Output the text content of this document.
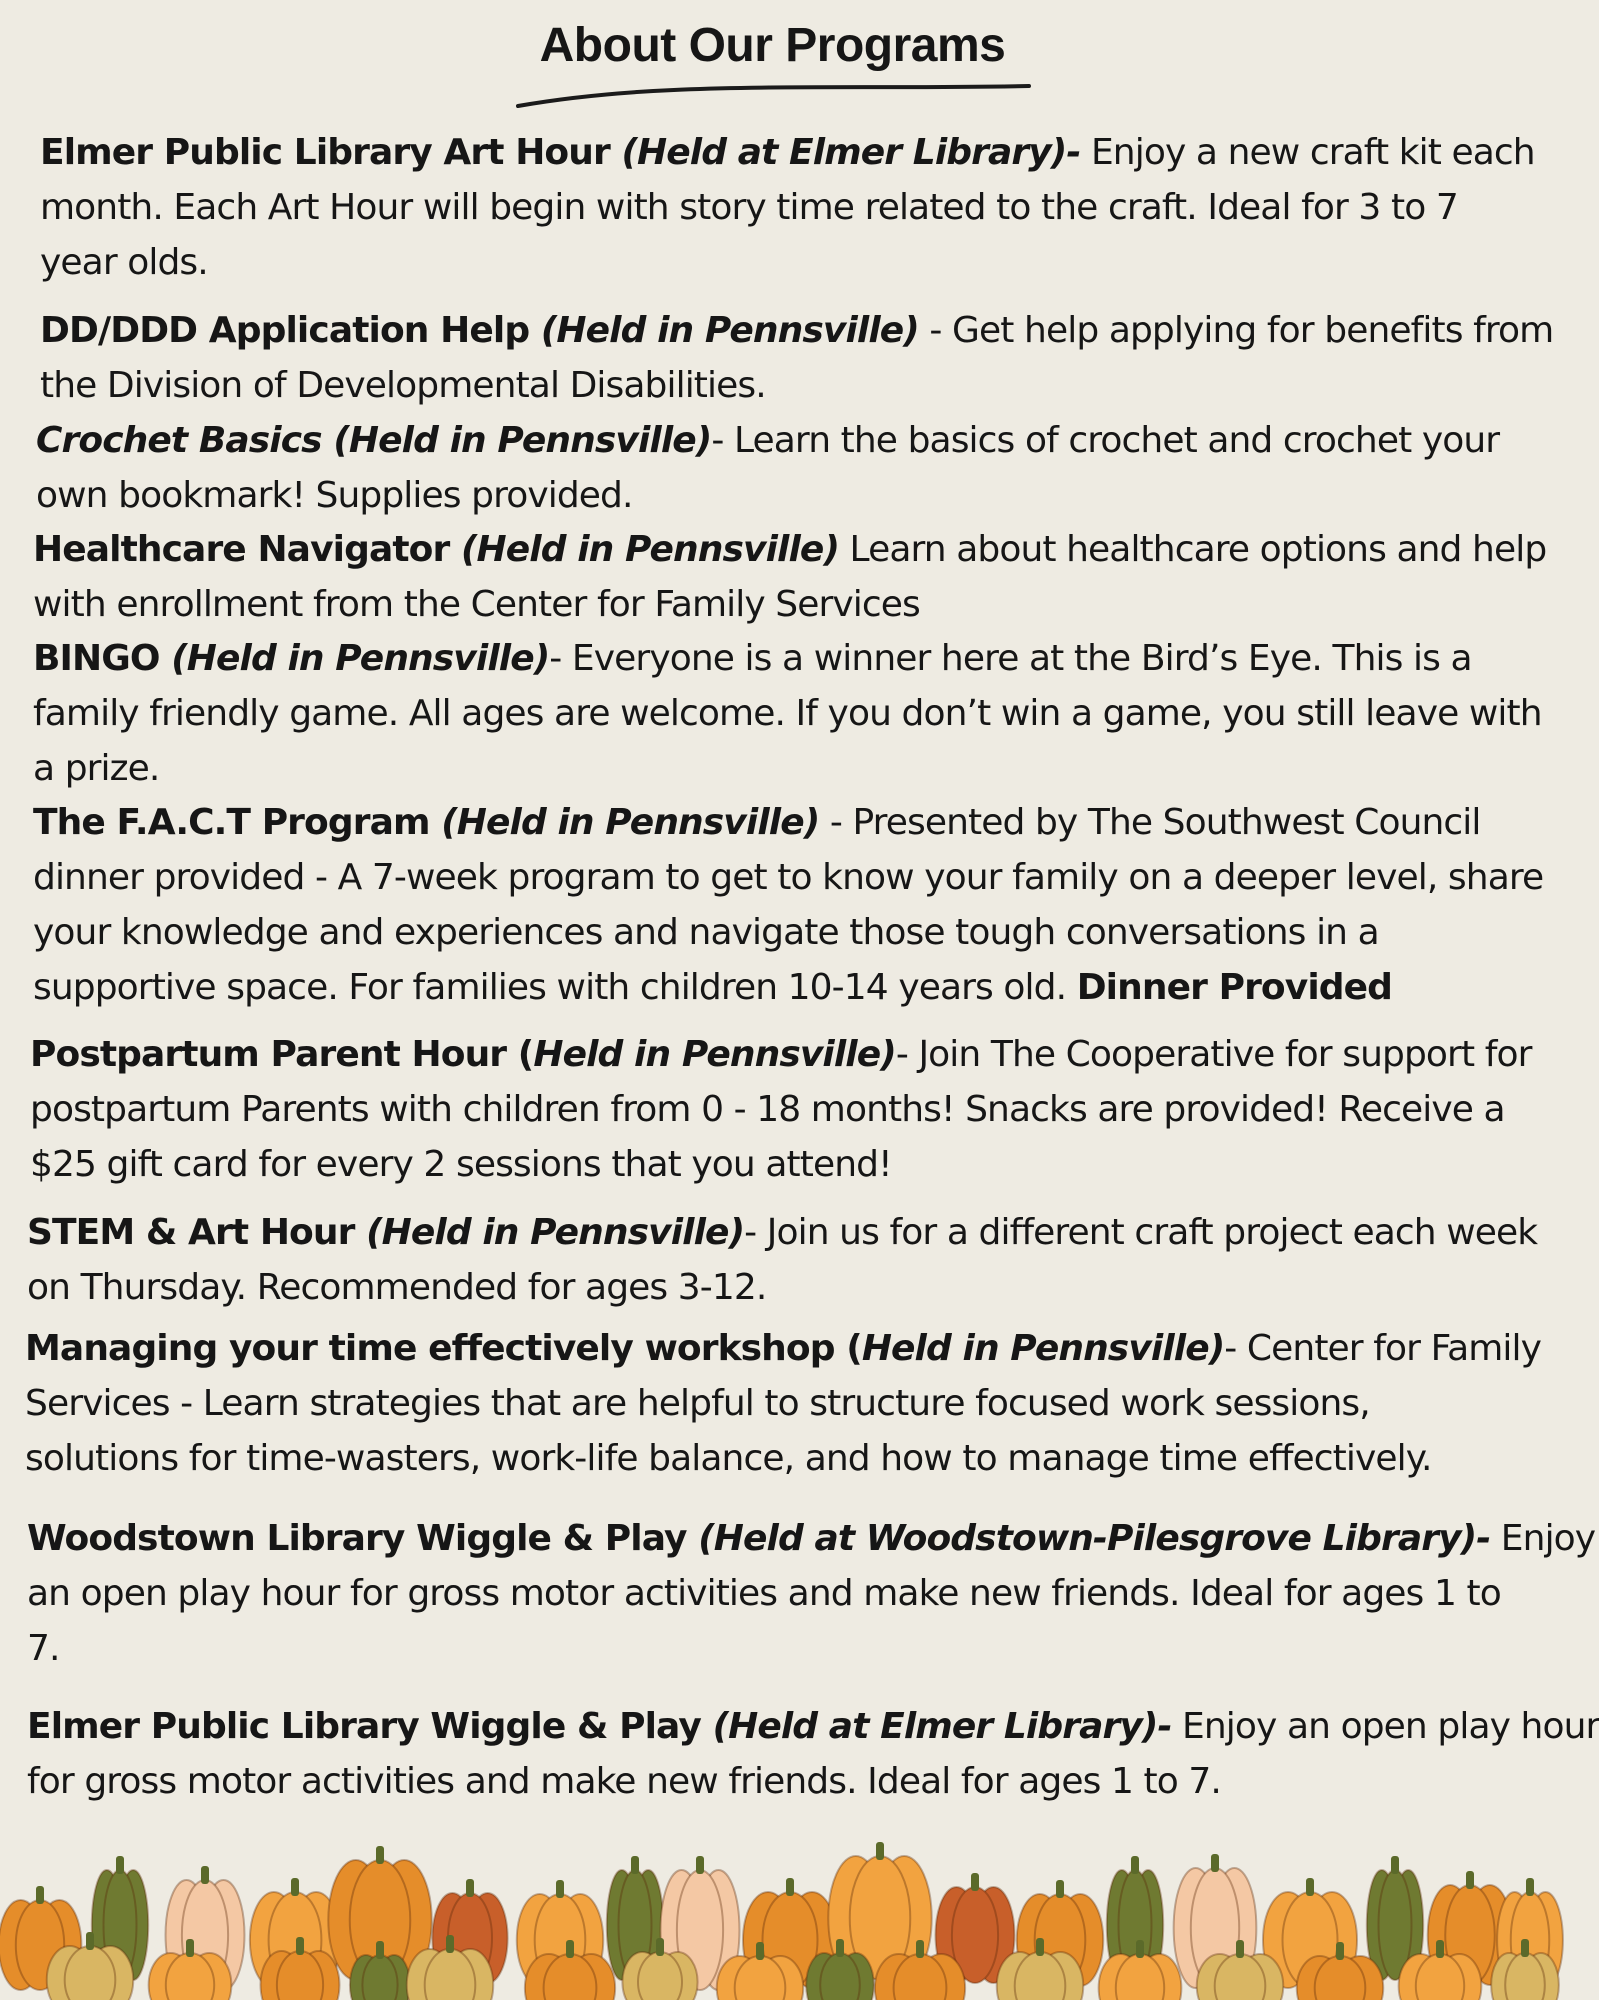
About Our Programs
Elmer Public Library Art Hour (Held at Elmer Library)- Enjoy a new craft kit each
month. Each Art Hour will begin with story time related to the craft. Ideal for 3 to 7
year olds.
DD/DDD Application Help (Held in Pennsville) - Get help applying for benefits from
the Division of Developmental Disabilities.
Crochet Basics (Held in Pennsville)- Learn the basics of crochet and crochet your
own bookmark! Supplies provided.
Healthcare Navigator (Held in Pennsville) Learn about healthcare options and help
with enrollment from the Center for Family Services
BINGO (Held in Pennsville)- Everyone is a winner here at the Bird’s Eye. This is a
family friendly game. All ages are welcome. If you don’t win a game, you still leave with
a prize.
The F.A.C.T Program (Held in Pennsville) - Presented by The Southwest Council
dinner provided - A 7-week program to get to know your family on a deeper level, share
your knowledge and experiences and navigate those tough conversations in a
supportive space. For families with children 10-14 years old. Dinner Provided
Postpartum Parent Hour (Held in Pennsville)- Join The Cooperative for support for
postpartum Parents with children from 0 - 18 months! Snacks are provided! Receive a
$25 gift card for every 2 sessions that you attend!
STEM & Art Hour (Held in Pennsville)- Join us for a different craft project each week
on Thursday. Recommended for ages 3-12.
Managing your time effectively workshop (Held in Pennsville)- Center for Family
Services - Learn strategies that are helpful to structure focused work sessions,
solutions for time-wasters, work-life balance, and how to manage time effectively.
Woodstown Library Wiggle & Play (Held at Woodstown-Pilesgrove Library)- Enjoy
an open play hour for gross motor activities and make new friends. Ideal for ages 1 to
7.
Elmer Public Library Wiggle & Play (Held at Elmer Library)- Enjoy an open play hour
for gross motor activities and make new friends. Ideal for ages 1 to 7.
